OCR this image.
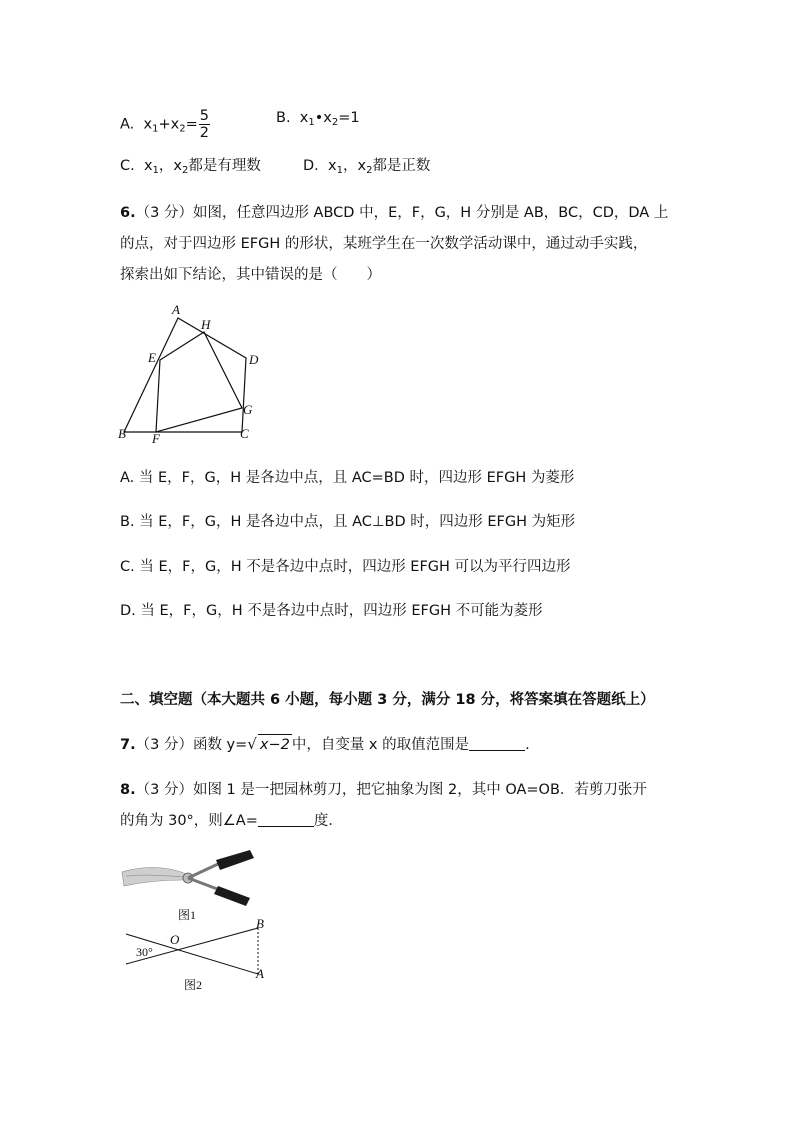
A. $x_1+x_2= \frac{5}{2}$	B. $x_1•x_2=1$
C. $x_1$，$x_2$都是有理数	D. $x_1$，$x_2$都是正数
6.（3 分）如图，任意四边形 ABCD 中，E，F，G，H 分别是 AB，BC，CD，DA 上
的点，对于四边形 EFGH 的形状，某班学生在一次数学活动课中，通过动手实践，
探索出如下结论，其中错误的是（　　）
A
H
E	D
G
B F	C
A. 当 E，F，G，H 是各边中点，且 AC=BD 时，四边形 EFGH 为菱形
B. 当 E，F，G，H 是各边中点，且 AC⊥BD 时，四边形 EFGH 为矩形
C. 当 E，F，G，H 不是各边中点时，四边形 EFGH 可以为平行四边形
D. 当 E，F，G，H 不是各边中点时，四边形 EFGH 不可能为菱形
二、填空题（本大题共 6 小题，每小题 3 分，满分 18 分，将答案填在答题纸上）
7.（3 分）函数 y=√ x−2 中，自变量 x 的取值范围是	.
8.（3 分）如图 1 是一把园林剪刀，把它抽象为图 2，其中 OA=OB．若剪刀张开
的角为 30°，则∠A=	度．
图1
30°
O
B
A
图2
